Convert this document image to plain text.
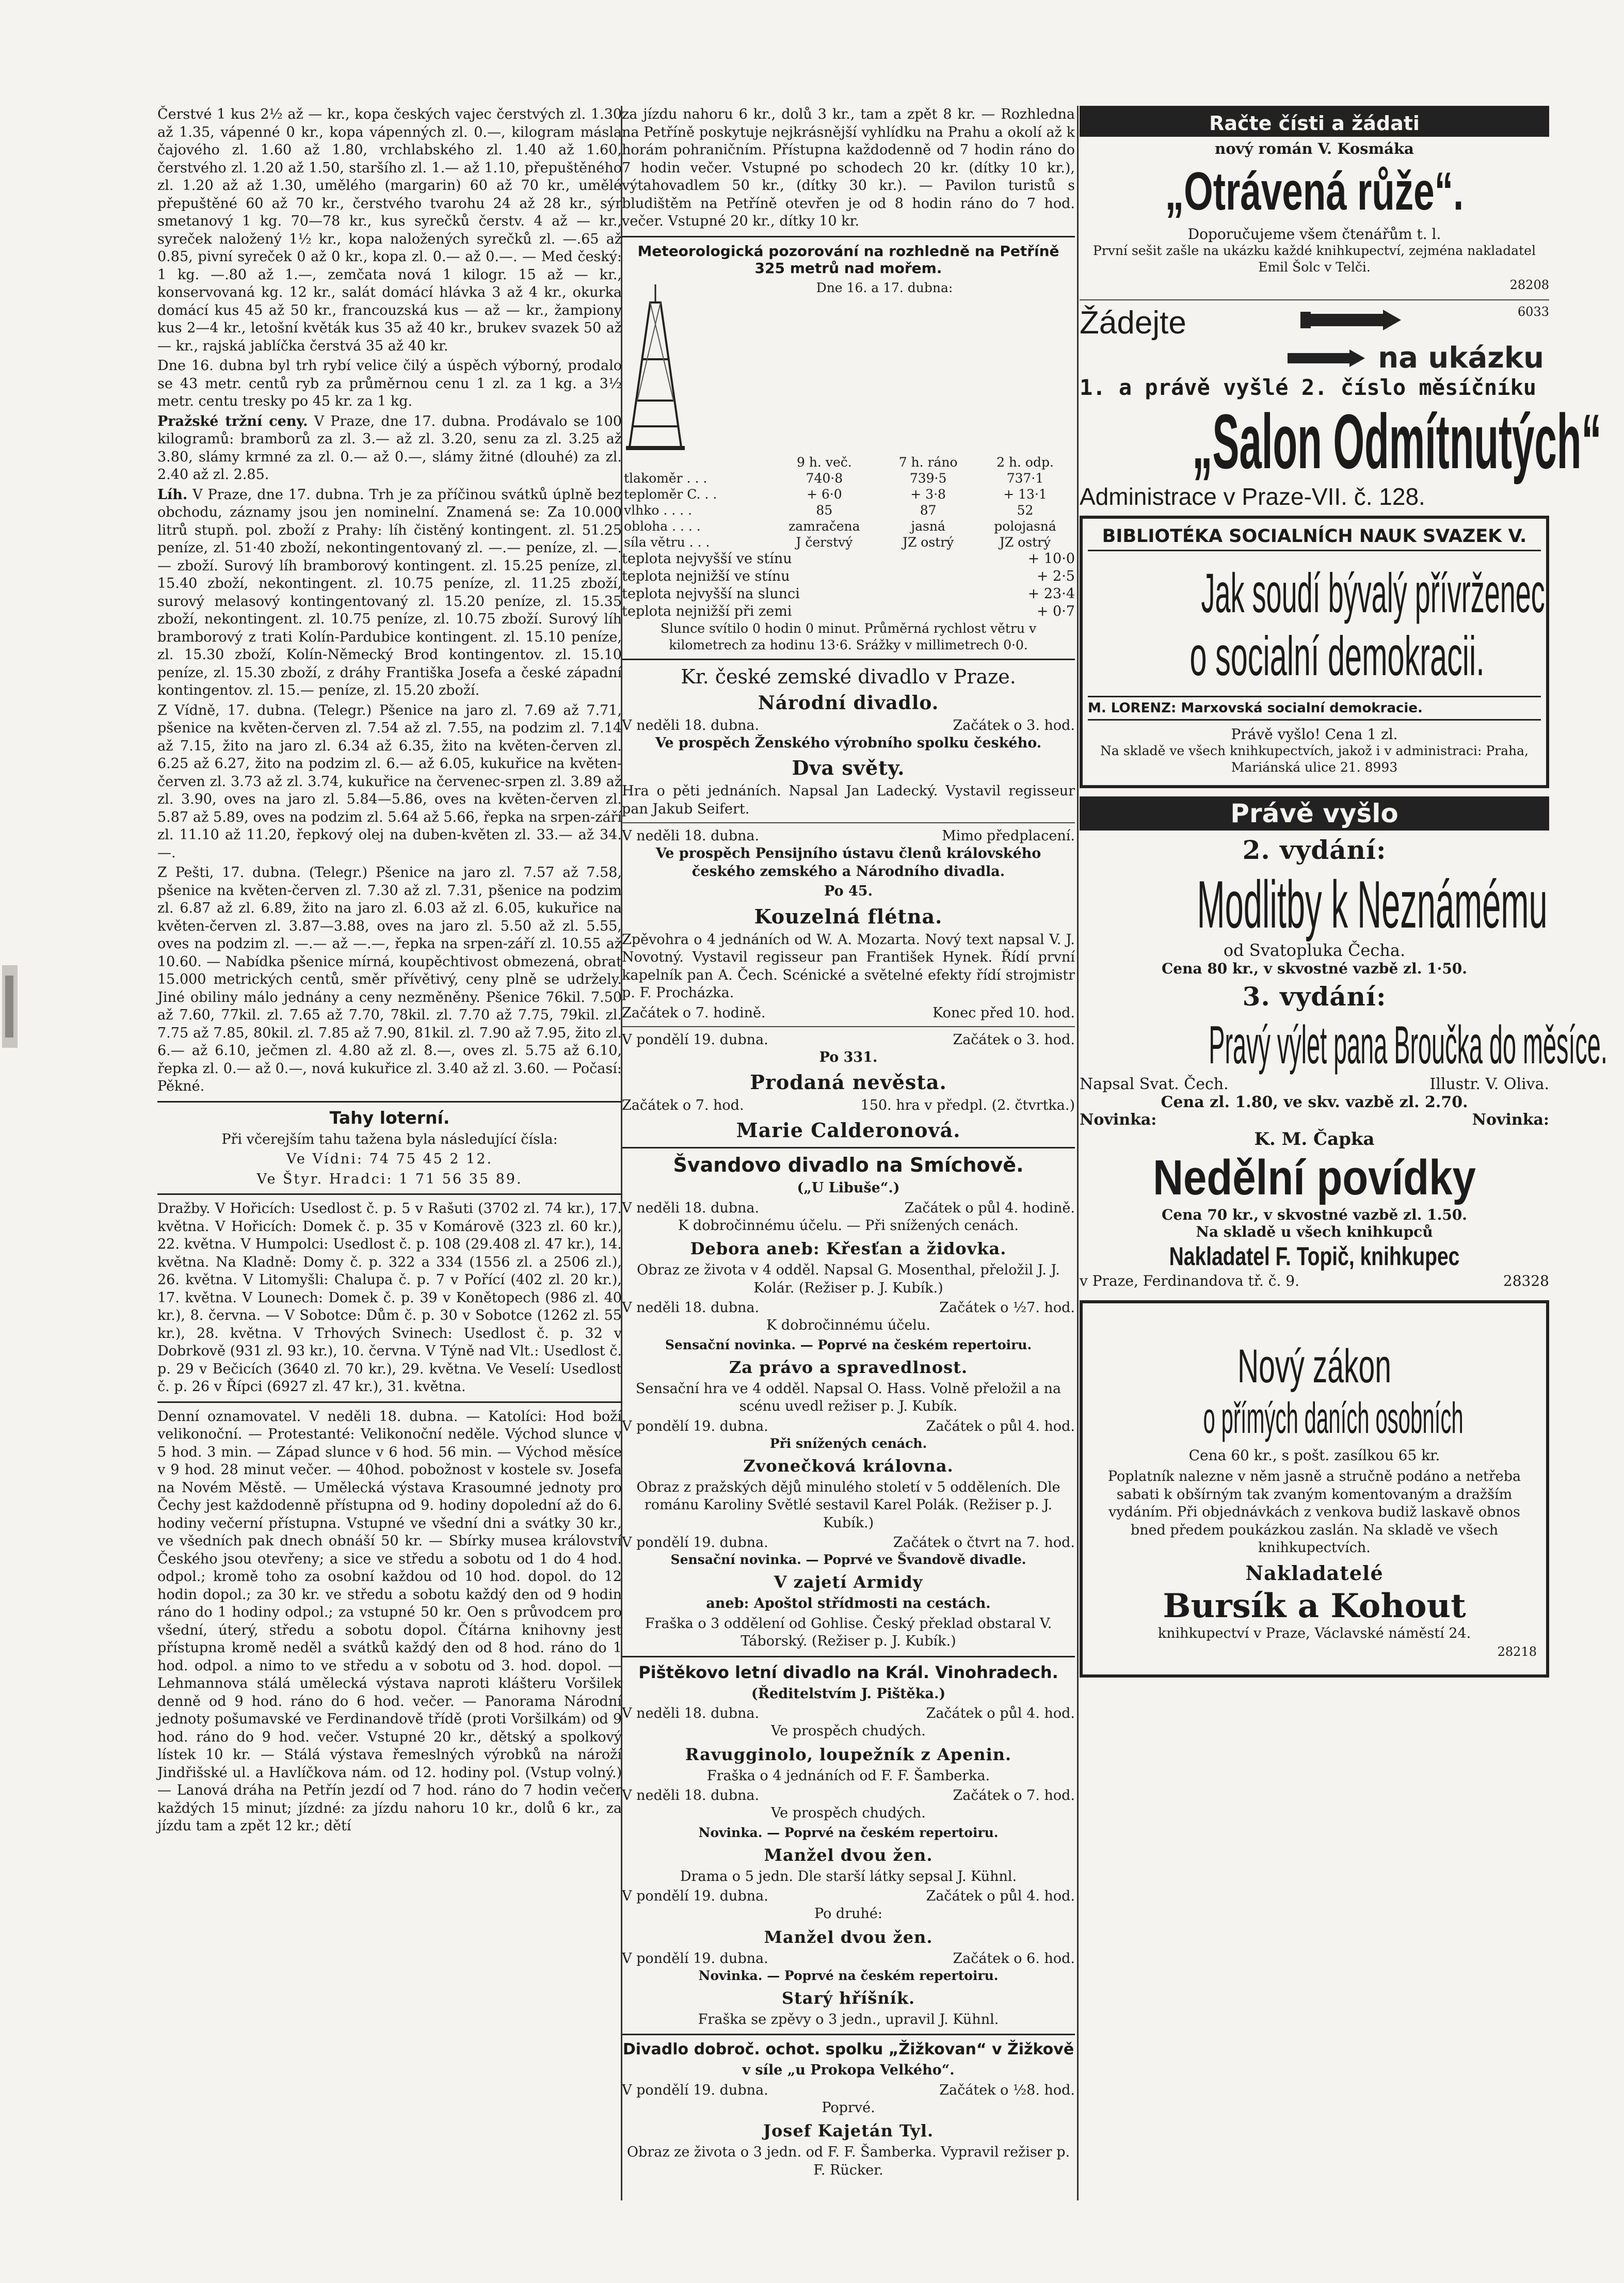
Čerstvé 1 kus 2½ až — kr., kopa českých vajec čerstvých zl. 1.30 až 1.35, vápenné 0 kr., kopa vápenných zl. 0.—, kilogram másla čajového zl. 1.60 až 1.80, vrchlabského zl. 1.40 až 1.60, čerstvého zl. 1.20 až 1.50, staršího zl. 1.— až 1.10, přepuštěného zl. 1.20 až až 1.30, umělého (margarin) 60 až 70 kr., umělé přepuštěné 60 až 70 kr., čerstvého tvarohu 24 až 28 kr., sýr smetanový 1 kg. 70—78 kr., kus syrečků čerstv. 4 až — kr., syreček naložený 1½ kr., kopa naložených syrečků zl. —.65 až 0.85, pivní syreček 0 až 0 kr., kopa zl. 0.— až 0.—. — Med český: 1 kg. —.80 až 1.—, zemčata nová 1 kilogr. 15 až — kr., konservovaná kg. 12 kr., salát domácí hlávka 3 až 4 kr., okurka domácí kus 45 až 50 kr., francouzská kus — až — kr., žampiony kus 2—4 kr., letošní květák kus 35 až 40 kr., brukev svazek 50 až — kr., rajská jablíčka čerstvá 35 až 40 kr.

Dne 16. dubna byl trh rybí velice čilý a úspěch výborný, prodalo se 43 metr. centů ryb za průměrnou cenu 1 zl. za 1 kg. a 3½ metr. centu tresky po 45 kr. za 1 kg.

Pražské tržní ceny. V Praze, dne 17. dubna. Prodávalo se 100 kilogramů: bramborů za zl. 3.— až zl. 3.20, senu za zl. 3.25 až 3.80, slámy krmné za zl. 0.— až 0.—, slámy žitné (dlouhé) za zl. 2.40 až zl. 2.85.

Líh. V Praze, dne 17. dubna. Trh je za příčinou svátků úplně bez obchodu, záznamy jsou jen nominelní. Znamená se: Za 10.000 litrů stupň. pol. zboží z Prahy: líh čistěný kontingent. zl. 51.25 peníze, zl. 51·40 zboží, nekontingentovaný zl. —.— peníze, zl. —.— zboží. Surový líh bramborový kontingent. zl. 15.25 peníze, zl. 15.40 zboží, nekontingent. zl. 10.75 peníze, zl. 11.25 zboží, surový melasový kontingentovaný zl. 15.20 peníze, zl. 15.35 zboží, nekontingent. zl. 10.75 peníze, zl. 10.75 zboží. Surový líh bramborový z trati Kolín-Pardubice kontingent. zl. 15.10 peníze, zl. 15.30 zboží, Kolín-Německý Brod kontingentov. zl. 15.10 peníze, zl. 15.30 zboží, z dráhy Františka Josefa a české západní kontingentov. zl. 15.— peníze, zl. 15.20 zboží.

Z Vídně, 17. dubna. (Telegr.) Pšenice na jaro zl. 7.69 až 7.71, pšenice na květen-červen zl. 7.54 až zl. 7.55, na podzim zl. 7.14 až 7.15, žito na jaro zl. 6.34 až 6.35, žito na květen-červen zl. 6.25 až 6.27, žito na podzim zl. 6.— až 6.05, kukuřice na květen-červen zl. 3.73 až zl. 3.74, kukuřice na červenec-srpen zl. 3.89 až zl. 3.90, oves na jaro zl. 5.84—5.86, oves na květen-červen zl. 5.87 až 5.89, oves na podzim zl. 5.64 až 5.66, řepka na srpen-září zl. 11.10 až 11.20, řepkový olej na duben-květen zl. 33.— až 34.—.

Z Pešti, 17. dubna. (Telegr.) Pšenice na jaro zl. 7.57 až 7.58, pšenice na květen-červen zl. 7.30 až zl. 7.31, pšenice na podzim zl. 6.87 až zl. 6.89, žito na jaro zl. 6.03 až zl. 6.05, kukuřice na květen-červen zl. 3.87—3.88, oves na jaro zl. 5.50 až zl. 5.55, oves na podzim zl. —.— až —.—, řepka na srpen-září zl. 10.55 až 10.60. — Nabídka pšenice mírná, koupěchtivost obmezená, obrat 15.000 metrických centů, směr přívětivý, ceny plně se udržely. Jiné obiliny málo jednány a ceny nezměněny. Pšenice 76kil. 7.50 až 7.60, 77kil. zl. 7.65 až 7.70, 78kil. zl. 7.70 až 7.75, 79kil. zl. 7.75 až 7.85, 80kil. zl. 7.85 až 7.90, 81kil. zl. 7.90 až 7.95, žito zl. 6.— až 6.10, ječmen zl. 4.80 až zl. 8.—, oves zl. 5.75 až 6.10, řepka zl. 0.— až 0.—, nová kukuřice zl. 3.40 až zl. 3.60. — Počasí: Pěkné.

Tahy loterní.

Při včerejším tahu tažena byla následující čísla:

Ve Vídni: 74 75 45 2 12.

Ve Štyr. Hradci: 1 71 56 35 89.

Dražby. V Hořicích: Usedlost č. p. 5 v Rašuti (3702 zl. 74 kr.), 17. května. V Hořicích: Domek č. p. 35 v Komárově (323 zl. 60 kr.), 22. května. V Humpolci: Usedlost č. p. 108 (29.408 zl. 47 kr.), 14. května. Na Kladně: Domy č. p. 322 a 334 (1556 zl. a 2506 zl.), 26. května. V Litomyšli: Chalupa č. p. 7 v Pořící (402 zl. 20 kr.), 17. května. V Lounech: Domek č. p. 39 v Konětopech (986 zl. 40 kr.), 8. června. — V Sobotce: Dům č. p. 30 v Sobotce (1262 zl. 55 kr.), 28. května. V Trhových Svinech: Usedlost č. p. 32 v Dobrkově (931 zl. 93 kr.), 10. června. V Týně nad Vlt.: Usedlost č. p. 29 v Bečicích (3640 zl. 70 kr.), 29. května. Ve Veselí: Usedlost č. p. 26 v Řípci (6927 zl. 47 kr.), 31. května.

Denní oznamovatel. V neděli 18. dubna. — Katolíci: Hod boží velikonoční. — Protestanté: Velikonoční neděle. Východ slunce v 5 hod. 3 min. — Západ slunce v 6 hod. 56 min. — Východ měsíce v 9 hod. 28 minut večer. — 40hod. pobožnost v kostele sv. Josefa na Novém Městě. — Umělecká výstava Krasoumné jednoty pro Čechy jest každodenně přístupna od 9. hodiny dopolední až do 6. hodiny večerní přístupna. Vstupné ve všední dni a svátky 30 kr., ve všedních pak dnech obnáší 50 kr. — Sbírky musea království Českého jsou otevřeny; a sice ve středu a sobotu od 1 do 4 hod. odpol.; kromě toho za osobní každou od 10 hod. dopol. do 12 hodin dopol.; za 30 kr. ve středu a sobotu každý den od 9 hodin ráno do 1 hodiny odpol.; za vstupné 50 kr. Oen s průvodcem pro všední, úterý, středu a sobotu dopol. Čítárna knihovny jest přístupna kromě neděl a svátků každý den od 8 hod. ráno do 1 hod. odpol. a nimo to ve středu a v sobotu od 3. hod. dopol. — Lehmannova stálá umělecká výstava naproti klášteru Voršilek denně od 9 hod. ráno do 6 hod. večer. — Panorama Národní jednoty pošumavské ve Ferdinandově třídě (proti Voršilkám) od 9 hod. ráno do 9 hod. večer. Vstupné 20 kr., dětský a spolkový lístek 10 kr. — Stálá výstava řemeslných výrobků na nároží Jindřišské ul. a Havlíčkova nám. od 12. hodiny pol. (Vstup volný.) — Lanová dráha na Petřín jezdí od 7 hod. ráno do 7 hodin večer každých 15 minut; jízdné: za jízdu nahoru 10 kr., dolů 6 kr., za jízdu tam a zpět 12 kr.; dětí

za jízdu nahoru 6 kr., dolů 3 kr., tam a zpět 8 kr. — Rozhledna na Petříně poskytuje nejkrásnější vyhlídku na Prahu a okolí až k horám pohraničním. Přístupna každodenně od 7 hodin ráno do 7 hodin večer. Vstupné po schodech 20 kr. (dítky 10 kr.), výtahovadlem 50 kr., (dítky 30 kr.). — Pavilon turistů s bludištěm na Petříně otevřen je od 8 hodin ráno do 7 hod. večer. Vstupné 20 kr., dítky 10 kr.

Meteorologická pozorování na rozhledně na Petříně 325 metrů nad mořem.

Dne 16. a 17. dubna:

	9 h. več.	7 h. ráno	2 h. odp.
tlakoměr . . .	740·8	739·5	737·1
teploměr C. . .	+ 6·0	+ 3·8	+ 13·1
vlhko . . . .	85	87	52
obloha . . . .	zamračena	jasná	polojasná
síla větru . . .	J čerstvý	JZ ostrý	JZ ostrý
teplota nejvyšší ve stínu	+ 10·0
teplota nejnižší ve stínu	+ 2·5
teplota nejvyšší na slunci	+ 23·4
teplota nejnižší při zemi	+ 0·7

Slunce svítilo 0 hodin 0 minut. Průměrná rychlost větru v kilometrech za hodinu 13·6. Srážky v millimetrech 0·0.

Kr. české zemské divadlo v Praze.
Národní divadlo.
V neděli 18. dubna.	Začátek o 3. hod.

Ve prospěch Ženského výrobního spolku českého.

Dva světy.

Hra o pěti jednáních. Napsal Jan Ladecký. Vystavil regisseur pan Jakub Seifert.

V neděli 18. dubna.	Mimo předplacení.

Ve prospěch Pensijního ústavu členů královského českého zemského a Národního divadla.

Po 45.

Kouzelná flétna.

Zpěvohra o 4 jednáních od W. A. Mozarta. Nový text napsal V. J. Novotný. Vystavil regisseur pan František Hynek. Řídí první kapelník pan A. Čech. Scénické a světelné efekty řídí strojmistr p. F. Procházka.

Začátek o 7. hodině.	Konec před 10. hod.
V pondělí 19. dubna.	Začátek o 3. hod.

Po 331.

Prodaná nevěsta.
Začátek o 7. hod.	150. hra v předpl. (2. čtvrtka.)
Marie Calderonová.
Švandovo divadlo na Smíchově.

(„U Libuše“.)

V neděli 18. dubna.	Začátek o půl 4. hodině.

K dobročinnému účelu. — Při snížených cenách.

Debora aneb: Křesťan a židovka.

Obraz ze života v 4 odděl. Napsal G. Mosenthal, přeložil J. J. Kolár. (Režiser p. J. Kubík.)

V neděli 18. dubna.	Začátek o ½7. hod.

K dobročinnému účelu.

Sensační novinka. — Poprvé na českém repertoiru.

Za právo a spravedlnost.

Sensační hra ve 4 odděl. Napsal O. Hass. Volně přeložil a na scénu uvedl režiser p. J. Kubík.

V pondělí 19. dubna.	Začátek o půl 4. hod.

Při snížených cenách.

Zvonečková královna.

Obraz z pražských dějů minulého století v 5 odděleních. Dle románu Karoliny Světlé sestavil Karel Polák. (Režiser p. J. Kubík.)

V pondělí 19. dubna.	Začátek o čtvrt na 7. hod.

Sensační novinka. — Poprvé ve Švandově divadle.

V zajetí Armidy

aneb: Apoštol střídmosti na cestách.

Fraška o 3 oddělení od Gohlise. Český překlad obstaral V. Táborský. (Režiser p. J. Kubík.)

Pištěkovo letní divadlo na Král. Vinohradech.

(Ředitelstvím J. Pištěka.)

V neděli 18. dubna.	Začátek o půl 4. hod.

Ve prospěch chudých.

Ravugginolo, loupežník z Apenin.

Fraška o 4 jednáních od F. F. Šamberka.

V neděli 18. dubna.	Začátek o 7. hod.

Ve prospěch chudých.

Novinka. — Poprvé na českém repertoiru.

Manžel dvou žen.

Drama o 5 jedn. Dle starší látky sepsal J. Kühnl.

V pondělí 19. dubna.	Začátek o půl 4. hod.

Po druhé:

Manžel dvou žen.
V pondělí 19. dubna.	Začátek o 6. hod.

Novinka. — Poprvé na českém repertoiru.

Starý hříšník.

Fraška se zpěvy o 3 jedn., upravil J. Kühnl.

Divadlo dobroč. ochot. spolku „Žižkovan“ v Žižkově

v síle „u Prokopa Velkého“.

V pondělí 19. dubna.	Začátek o ½8. hod.

Poprvé.

Josef Kajetán Tyl.

Obraz ze života o 3 jedn. od F. F. Šamberka. Vypravil režiser p. F. Rücker.

Račte čísti a žádati
nový román V. Kosmáka
„Otrávená růže“.
Doporučujeme všem čtenářům t. l.

První sešit zašle na ukázku každé knihkupectví, zejména nakladatel Emil Šolc v Telči.

28208
Žádejte	6033
na ukázku
1. a právě vyšlé 2. číslo měsíčníku
„Salon Odmítnutých“
Administrace v Praze-VII. č. 128.
BIBLIOTÉKA SOCIALNÍCH NAUK SVAZEK V.
Jak soudí bývalý přívrženec
o socialní demokracii.
M. LORENZ: Marxovská socialní demokracie.
Právě vyšlo! Cena 1 zl.

Na skladě ve všech knihkupectvích, jakož i v administraci: Praha, Mariánská ulice 21. 8993

Právě vyšlo
2. vydání:
Modlitby k Neznámému
od Svatopluka Čecha.
Cena 80 kr., v skvostné vazbě zl. 1·50.
3. vydání:
Pravý výlet pana Broučka do měsíce.
Napsal Svat. Čech.	Illustr. V. Oliva.
Cena zl. 1.80, ve skv. vazbě zl. 2.70.
Novinka:	Novinka:
K. M. Čapka
Nedělní povídky
Cena 70 kr., v skvostné vazbě zl. 1.50.
Na skladě u všech knihkupců
Nakladatel F. Topič, knihkupec
v Praze, Ferdinandova tř. č. 9.	28328
Nový zákon
o přímých daních osobních
Cena 60 kr., s pošt. zasílkou 65 kr.

Poplatník nalezne v něm jasně a stručně podáno a netřeba sabati k obšírným tak zvaným komentovaným a dražším vydáním. Při objednávkách z venkova budiž laskavě obnos bned předem poukázkou zaslán. Na skladě ve všech knihkupectvích.

Nakladatelé
Bursík a Kohout

knihkupectví v Praze, Václavské náměstí 24.

28218
